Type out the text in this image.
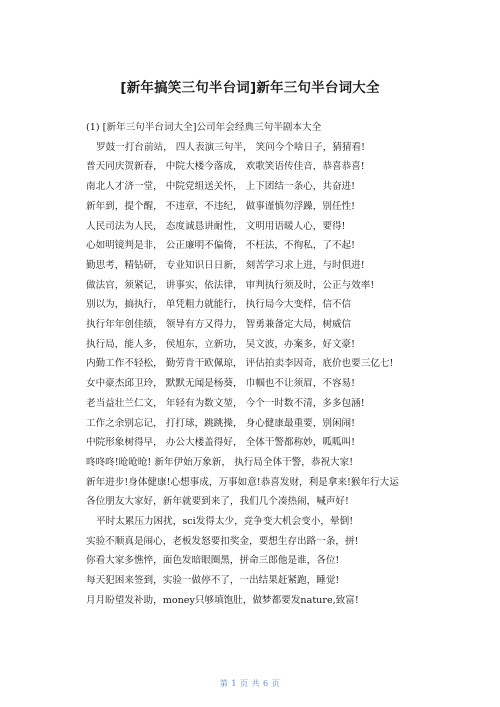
[新年搞笑三句半台词]新年三句半台词大全
(1) [新年三句半台词大全]公司年会经典三句半剧本大全
罗鼓一打台前站， 四人表演三句半， 笑问今个啥日子，猜猜看!
普天同庆贺新春， 中院大楼今落成， 欢歌笑语传佳音，恭喜恭喜!
南北人才济一堂， 中院党组送关怀， 上下团结一条心，共奋进!
新年到，提个醒， 不违章，不违纪， 做事谨慎勿浮躁，别任性!
人民司法为人民， 态度诚恳讲耐性， 文明用语暖人心，要得!
心如明镜判是非， 公正廉明不偏倚， 不枉法，不徇私，了不起!
勤思考，精钻研， 专业知识日日新， 刻苦学习求上进，与时俱进!
做法官，须紧记， 讲事实，依法律， 审判执行须及时，公正与效率!
别以为，搞执行， 单凭粗力就能行， 执行局今大变样，信不信
执行年年创佳绩， 领导有方又得力， 智勇兼备定大局，树威信
执行局，能人多， 侯旭东，立新功， 吴文波，办案多，好文豪!
内勤工作不轻松， 勤劳肯干欧佩琼， 评估拍卖李因奇，底价也要三亿七!
女中豪杰邱卫玲， 默默无闻是杨葵， 巾帼也不让须眉，不容易!
老当益壮兰仁文， 年轻有为数文堃， 今个一时数不清，多多包涵!
工作之余别忘记， 打打球，跳跳操， 身心健康最重要，别闲闹!
中院形象树得早， 办公大楼盖得好， 全体干警都称妙，呱呱叫!
咚咚咚!呛呛呛! 新年伊始万象新， 执行局全体干警，恭祝大家!
新年进步!身体健康!心想事成，万事如意!恭喜发财，利是拿来!猴年行大运
各位朋友大家好，新年就要到来了，我们几个凑热闹，喊声好!
平时太累压力困扰，sci发得太少，竞争变大机会变小，晕倒!
实验不顺真是闹心，老板发怒要扣奖金，要想生存出路一条，拼!
你看大家多憔悴，面色发暗眼圈黑，拼命三郎他是谁，各位!
每天犯困来签到，实验一做停不了，一出结果赶紧跑，睡觉!
月月盼望发补助，money只够填饱肚，做梦都要发nature,致富!
第 1 页 共 6 页
